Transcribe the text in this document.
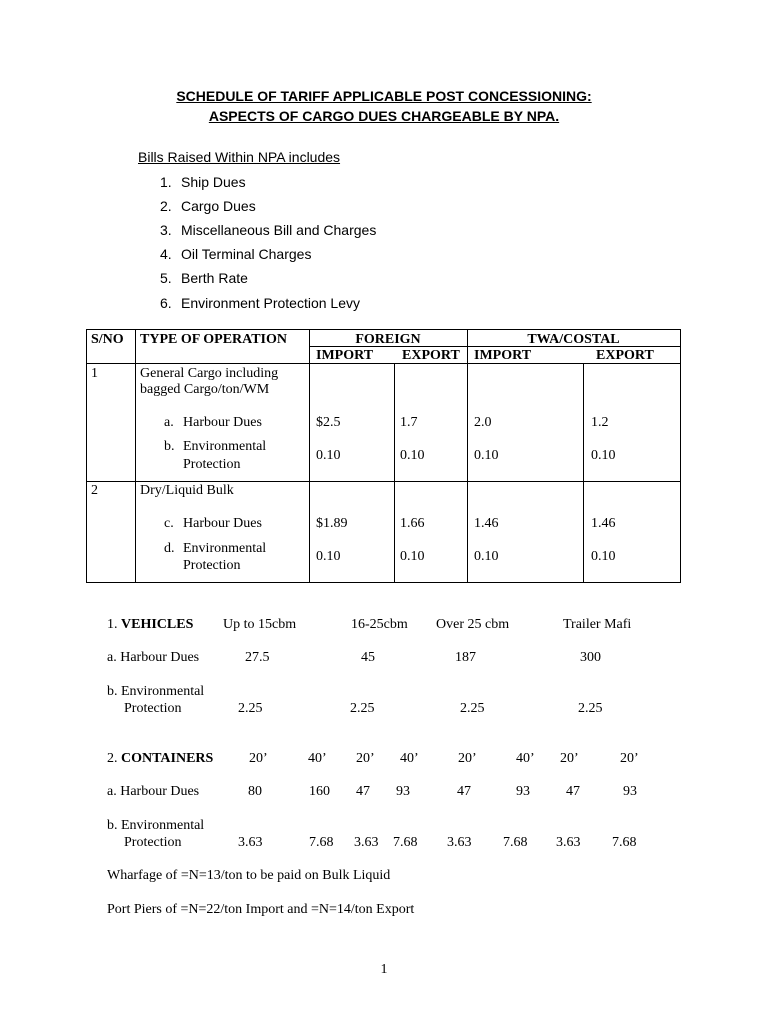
SCHEDULE OF TARIFF APPLICABLE POST CONCESSIONING:
ASPECTS OF CARGO DUES CHARGEABLE BY NPA.
Bills Raised Within NPA includes
1. Ship Dues
2. Cargo Dues
3. Miscellaneous Bill and Charges
4. Oil Terminal Charges
5. Berth Rate
6. Environment Protection Levy
S/NO TYPE OF OPERATION	FOREIGN	TWA/COSTAL
IMPORT EXPORT IMPORT	EXPORT
1	General Cargo including
bagged Cargo/ton/WM
a. Harbour Dues	$2.5	1.7	2.0	1.2
b. Environmental
Protection
0.10	0.10	0.10	0.10
2	Dry/Liquid Bulk
c. Harbour Dues	$1.89	1.66	1.46	1.46
d. Environmental
Protection
0.10	0.10	0.10	0.10
1. VEHICLES Up to 15cbm	16-25cbm Over 25 cbm	Trailer Mafi
a. Harbour Dues	27.5	45	187	300
b. Environmental
Protection	2.25	2.25	2.25	2.25
2. CONTAINERS	20’	40’ 20’ 40’	20’	40’ 20’	20’
a. Harbour Dues	80	160 47 93	47	93	47	93
b. Environmental
Protection	3.63	7.68 3.63 7.68 3.63 7.68 3.63 7.68
Wharfage of =N=13/ton to be paid on Bulk Liquid
Port Piers of =N=22/ton Import and =N=14/ton Export
1
